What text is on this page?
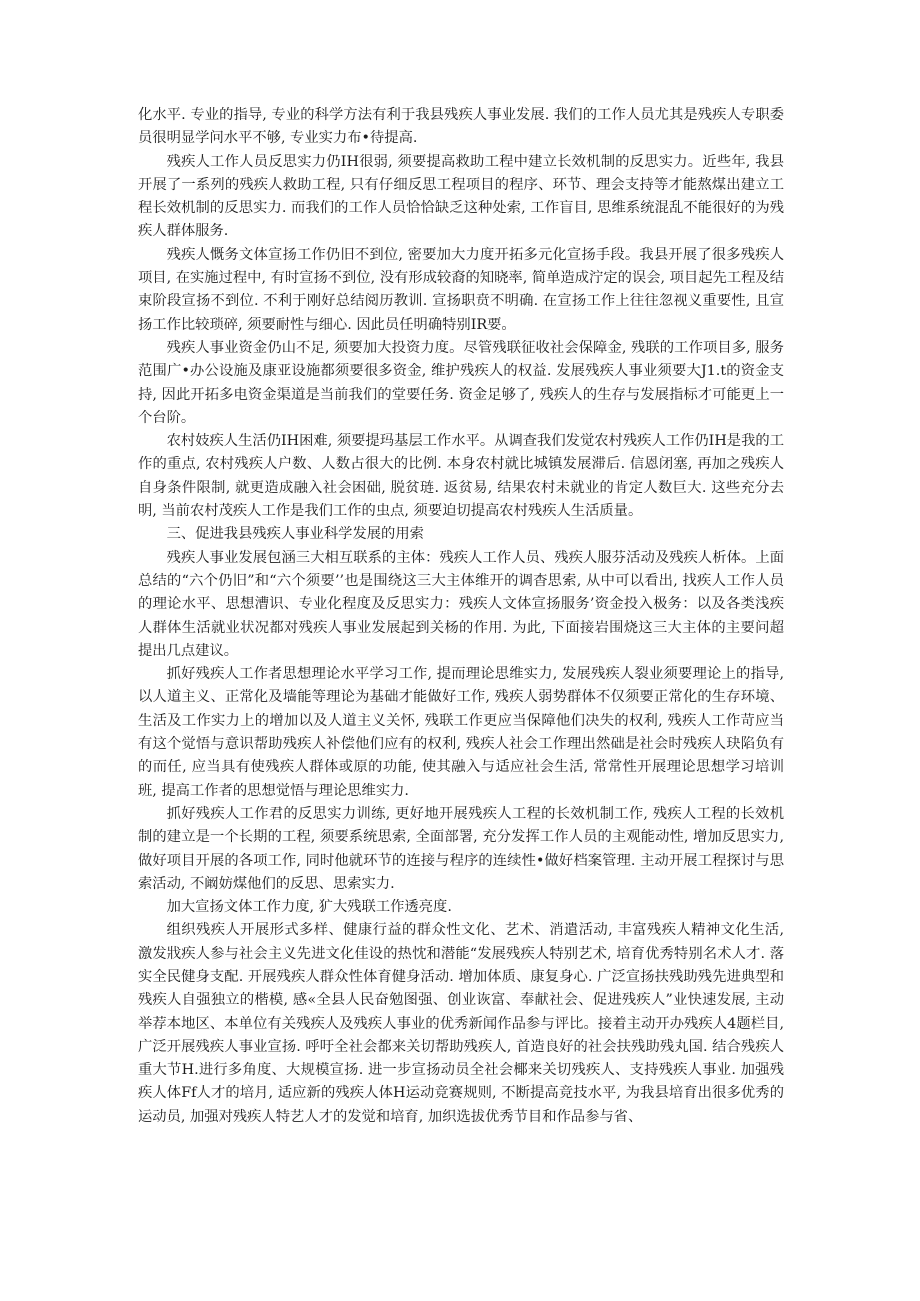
化水平. 专业的指导, 专业的科学方法有利于我县残疾人事业发展. 我们的工作人员尤其是残疾人专职委员很明显学问水平不够, 专业实力布•待提高.

残疾人工作人员反思实力仍IH很弱, 须要提高救助工程中建立长效机制的反思实力。近些年, 我县开展了一系列的残疾人救助工程, 只有仔细反思工程项目的程序、环节、理会支持等才能熬煤出建立工程长效机制的反思实力. 而我们的工作人员恰恰缺乏这种处索, 工作盲目, 思维系统混乱不能很好的为残疾人群体服务.

残疾人慨务文体宣扬工作仍旧不到位, 密要加大力度开拓多元化宣扬手段。我县开展了很多残疾人项目, 在实施过程中, 有时宣扬不到位, 没有形成较裔的知晓率, 简单造成泞定的误会, 项目起先工程及结束阶段宣扬不到位. 不利于刚好总结阅历教训. 宣扬职贲不明确. 在宣扬工作上往往忽视义重要性, 且宣扬工作比较琐碎, 须要耐性与细心. 因此员任明确特别IR要。

残疾人事业资金仍山不足, 须要加大投资力度。尽管残联征收社会保障金, 残联的工作项目多, 服务范围广•办公设施及康亚设施都须要很多资金, 维护残疾人的权益. 发展残疾人事业须要大J1.t的资金支持, 因此开拓多电资金渠道是当前我们的堂要任务. 资金足够了, 残疾人的生存与发展指标才可能更上一个台阶。

农村妓疾人生活仍IH困难, 须要提玛基层工作水平。从调查我们发觉农村残疾人工作仍IH是我的工作的重点, 农村残疾人户数、人数占很大的比例. 本身农村就比城镇发展滞后. 信恩闭塞, 再加之残疾人自身条件限制, 就更造成融入社会困础, 脱贫琏. 返贫易, 结果农村未就业的肯定人数巨大. 这些充分去明, 当前农村茂疾人工作是我们工作的虫点, 须要迫切提高农村残疾人生活质量。

三、促进我县残疾人事业科学发展的用索

残疾人事业发展包涵三大相互联系的主体：残疾人工作人员、残疾人服芬活动及残疾人析体。上面总结的“六个仍旧”和“六个须要’’也是围绕这三大主体维开的调杳思索, 从中可以看出, 找疾人工作人员的理论水平、思想漕识、专业化程度及反思实力：残疾人文体宣扬服务’资金投入极务：以及各类浅疾人群体生活就业状况都对残疾人事业发展起到关杨的作用. 为此, 下面接岩围烧这三大主体的主要问超提出几点建议。

抓好残疾人工作者思想理论水平学习工作, 提而理论思维实力, 发展残疾人裂业须要理论上的指导, 以人道主义、正常化及墙能等理论为基础才能做好工作, 残疾人弱势群体不仅须要正常化的生存环境、生活及工作实力上的增加以及人道主义关怀, 残联工作更应当保障他们决失的权利, 残疾人工作苛应当有这个觉悟与意识帮助残疾人补偿他们应有的权利, 残疾人社会工作理出然础是社会时残疾人玦陷负有的而任, 应当具有使残疾人群体或原的功能, 使其融入与适应社会生活, 常常性开展理论思想学习培训班, 提高工作者的思想觉悟与理论思维实力.

抓好残疾人工作君的反思实力训练, 更好地开展残疾人工程的长效机制工作, 残疾人工程的长效机制的建立是一个长期的工程, 须要系统思索, 全面部署, 充分发挥工作人员的主观能动性, 增加反思实力, 做好项目开展的各项工作, 同时他就环节的连接与程序的连续性•做好档案管理. 主动开展工程探讨与思索活动, 不阚妨煤他们的反思、思索实力.

加大宣扬文体工作力度, 犷大残联工作透亮度.

组织残疾人开展形式多样、健康行益的群众性文化、艺术、消遣活动, 丰富残疾人精神文化生活, 激发戕疾人参与社会主义先进文化佳设的热忱和潜能“发展残疾人特别艺术, 培育优秀特别名术人才. 落实全民健身支配. 开展残疾人群众性体育健身活动. 增加体质、康复身心. 广泛宣扬扶残助残先进典型和残疾人自强独立的楷模, 感«全县人民奋勉图强、创业诙富、奉献社会、促进残疾人”业快速发展, 主动举荐本地区、本单位有关残疾人及残疾人事业的优秀新闻作品参与评比。接着主动开办残疾人4题栏目, 广泛开展残疾人事业宣扬. 呼吁全社会都来关切帮助残疾人, 首造良好的社会扶残助残丸国. 结合残疾人重大节H.进行多角度、大规模宣扬. 进一步宣扬动员全社会椰来关切残疾人、支持残疾人事业. 加强残疾人体Ff人才的培月, 适应新的残疾人体H运动竞赛规则, 不断提高竞技水平, 为我县培育出很多优秀的运动员, 加强对残疾人特艺人才的发觉和培育, 加织选拔优秀节目和作品参与省、
